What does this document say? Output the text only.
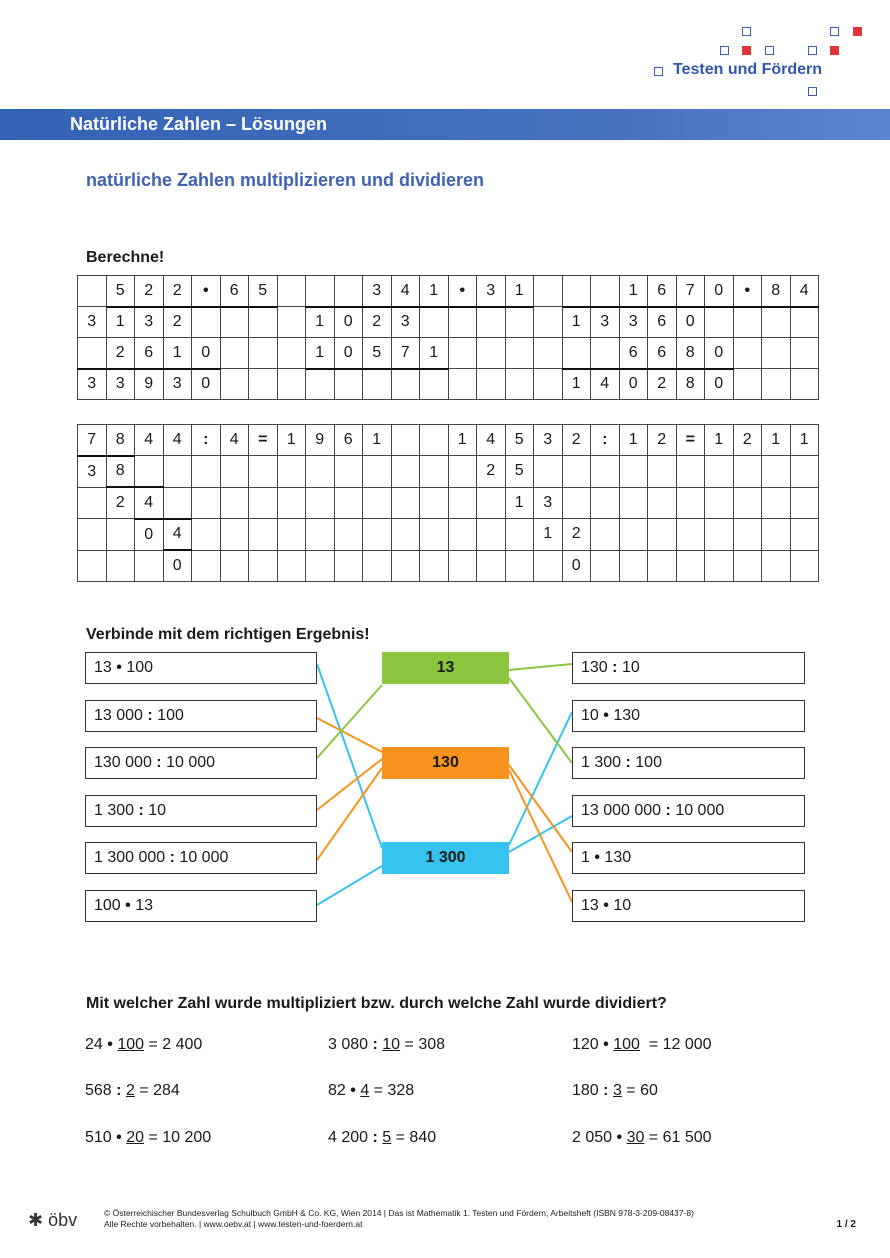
Testen und Fördern
Natürliche Zahlen – Lösungen
natürliche Zahlen multiplizieren und dividieren
Berechne!
	5	2	2	•	6	5				3	4	1	•	3	1				1	6	7	0	•	8	4
3	1	3	2					1	0	2	3						1	3	3	6	0				
	2	6	1	0				1	0	5	7	1							6	6	8	0			
3	3	9	3	0													1	4	0	2	8	0			
7	8	4	4	:	4	=	1	9	6	1			1	4	5	3	2	:	1	2	=	1	2	1	1
3	8													2	5										
	2	4													1	3									
		0	4													1	2								
			0														0								
Verbinde mit dem richtigen Ergebnis!
13 • 100
13 000 : 100
130 000 : 10 000
1 300 : 10
1 300 000 : 10 000
100 • 13
130 : 10
10 • 130
1 300 : 100
13 000 000 : 10 000
1 • 130
13 • 10
13
130
1 300
Mit welcher Zahl wurde multipliziert bzw. durch welche Zahl wurde dividiert?
24 • 100 = 2 400	3 080 : 10 = 308	120 • 100  = 12 000
568 : 2 = 284	82 • 4 = 328	180 : 3 = 60
510 • 20 = 10 200	4 200 : 5 = 840	2 050 • 30 = 61 500
✱ öbv	© Österreichischer Bundesverlag Schulbuch GmbH & Co. KG, Wien 2014 | Das ist Mathematik 1. Testen und Fördern, Arbeitsheft (ISBN 978-3-209-08437-8)
Alle Rechte vorbehalten. | www.oebv.at | www.testen-und-foerdern.at	1 / 2
